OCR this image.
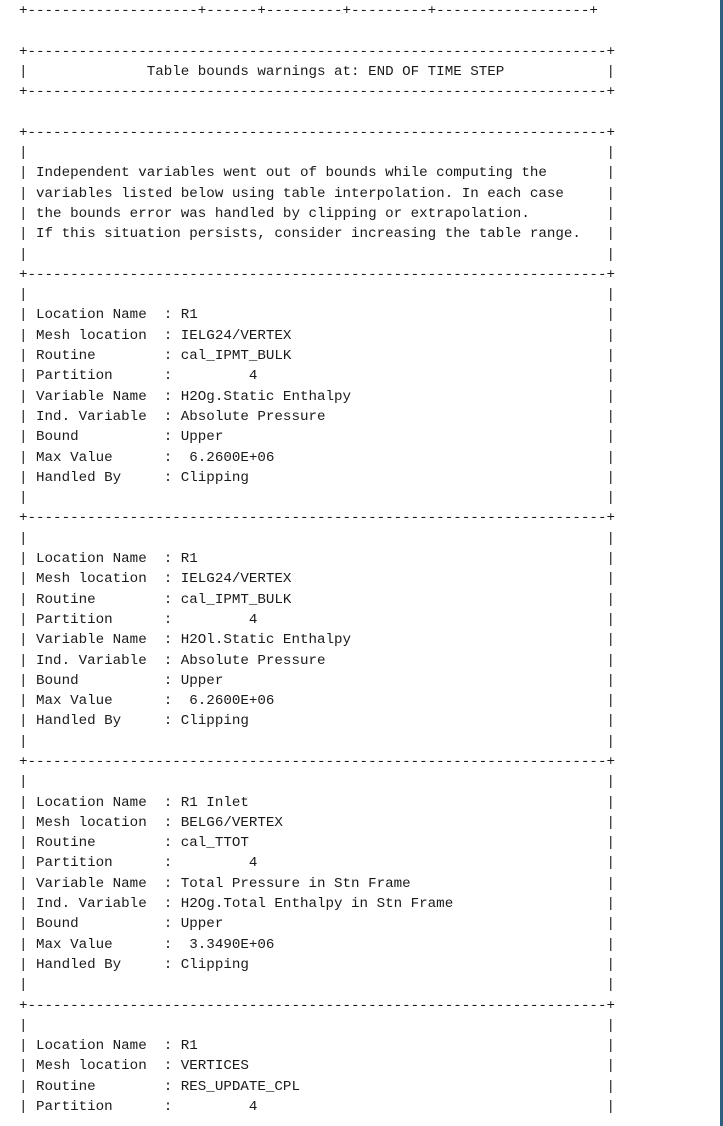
+--------------------+------+---------+---------+------------------+
+--------------------------------------------------------------------+
|              Table bounds warnings at: END OF TIME STEP            |
+--------------------------------------------------------------------+
+--------------------------------------------------------------------+
|                                                                    |
| Independent variables went out of bounds while computing the       |
| variables listed below using table interpolation. In each case     |
| the bounds error was handled by clipping or extrapolation.         |
| If this situation persists, consider increasing the table range.   |
|                                                                    |
+--------------------------------------------------------------------+
|                                                                    |
| Location Name  : R1                                                |
| Mesh location  : IELG24/VERTEX                                     |
| Routine        : cal_IPMT_BULK                                     |
| Partition      :         4                                         |
| Variable Name  : H2Og.Static Enthalpy                              |
| Ind. Variable  : Absolute Pressure                                 |
| Bound          : Upper                                             |
| Max Value      :  6.2600E+06                                       |
| Handled By     : Clipping                                          |
|                                                                    |
+--------------------------------------------------------------------+
|                                                                    |
| Location Name  : R1                                                |
| Mesh location  : IELG24/VERTEX                                     |
| Routine        : cal_IPMT_BULK                                     |
| Partition      :         4                                         |
| Variable Name  : H2Ol.Static Enthalpy                              |
| Ind. Variable  : Absolute Pressure                                 |
| Bound          : Upper                                             |
| Max Value      :  6.2600E+06                                       |
| Handled By     : Clipping                                          |
|                                                                    |
+--------------------------------------------------------------------+
|                                                                    |
| Location Name  : R1 Inlet                                          |
| Mesh location  : BELG6/VERTEX                                      |
| Routine        : cal_TTOT                                          |
| Partition      :         4                                         |
| Variable Name  : Total Pressure in Stn Frame                       |
| Ind. Variable  : H2Og.Total Enthalpy in Stn Frame                  |
| Bound          : Upper                                             |
| Max Value      :  3.3490E+06                                       |
| Handled By     : Clipping                                          |
|                                                                    |
+--------------------------------------------------------------------+
|                                                                    |
| Location Name  : R1                                                |
| Mesh location  : VERTICES                                          |
| Routine        : RES_UPDATE_CPL                                    |
| Partition      :         4                                         |
